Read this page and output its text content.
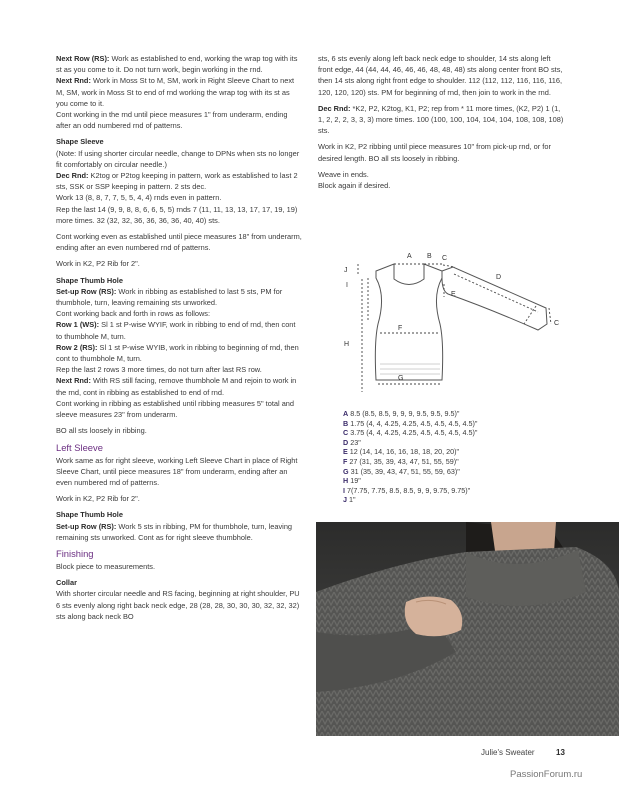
Next Row (RS): Work as established to end, working the wrap tog with its st as you come to it. Do not turn work, begin working in the rnd.

Next Rnd: Work in Moss St to M, SM, work in Right Sleeve Chart to next M, SM, work in Moss St to end of rnd working the wrap tog with its st as you come to it.

Cont working in the rnd until piece measures 1" from underarm, ending after an odd numbered rnd of patterns.

Shape Sleeve

(Note: If using shorter circular needle, change to DPNs when sts no longer fit comfortably on circular needle.)

Dec Rnd: K2tog or P2tog keeping in pattern, work as established to last 2 sts, SSK or SSP keeping in pattern. 2 sts dec.

Work 13 (8, 8, 7, 7, 5, 5, 4, 4) rnds even in pattern.

Rep the last 14 (9, 9, 8, 8, 6, 6, 5, 5) rnds 7 (11, 11, 13, 13, 17, 17, 19, 19) more times. 32 (32, 32, 36, 36, 36, 36, 40, 40) sts.

Cont working even as established until piece measures 18" from underarm, ending after an even numbered rnd of patterns.

Work in K2, P2 Rib for 2".

Shape Thumb Hole

Set-up Row (RS): Work in ribbing as established to last 5 sts, PM for thumbhole, turn, leaving remaining sts unworked.

Cont working back and forth in rows as follows:

Row 1 (WS): Sl 1 st P-wise WYIF, work in ribbing to end of rnd, then cont to thumbhole M, turn.

Row 2 (RS): Sl 1 st P-wise WYIB, work in ribbing to beginning of rnd, then cont to thumbhole M, turn.

Rep the last 2 rows 3 more times, do not turn after last RS row.

Next Rnd: With RS still facing, remove thumbhole M and rejoin to work in the rnd, cont in ribbing as established to end of rnd.

Cont working in ribbing as established until ribbing measures 5" total and sleeve measures 23" from underarm.

BO all sts loosely in ribbing.

Left Sleeve

Work same as for right sleeve, working Left Sleeve Chart in place of Right Sleeve Chart, until piece measures 18" from underarm, ending after an even numbered rnd of patterns.

Work in K2, P2 Rib for 2".

Shape Thumb Hole

Set-up Row (RS): Work 5 sts in ribbing, PM for thumbhole, turn, leaving remaining sts unworked. Cont as for right sleeve thumbhole.

Finishing

Block piece to measurements.

Collar

With shorter circular needle and RS facing, beginning at right shoulder, PU 6 sts evenly along right back neck edge, 28 (28, 28, 30, 30, 30, 32, 32, 32) sts along back neck BO

sts, 6 sts evenly along left back neck edge to shoulder, 14 sts along left front edge, 44 (44, 44, 46, 46, 46, 48, 48, 48) sts along center front BO sts, then 14 sts along right front edge to shoulder. 112 (112, 112, 116, 116, 116, 120, 120, 120) sts. PM for beginning of rnd, then join to work in the rnd.

Dec Rnd: *K2, P2, K2tog, K1, P2; rep from * 11 more times, (K2, P2) 1 (1, 1, 2, 2, 2, 3, 3, 3) more times. 100 (100, 100, 104, 104, 104, 108, 108, 108) sts.

Work in K2, P2 ribbing until piece measures 10" from pick-up rnd, or for desired length. BO all sts loosely in ribbing.

Weave in ends.

Block again if desired.

A B C
D
E
F
G
H
I
J
C
A 8.5 (8.5, 8.5, 9, 9, 9, 9.5, 9.5, 9.5)"
B 1.75 (4, 4, 4.25, 4.25, 4.5, 4.5, 4.5, 4.5)"
C 3.75 (4, 4, 4.25, 4.25, 4.5, 4.5, 4.5, 4.5)"
D 23"
E 12 (14, 14, 16, 16, 18, 18, 20, 20)"
F 27 (31, 35, 39, 43, 47, 51, 55, 59)"
G 31 (35, 39, 43, 47, 51, 55, 59, 63)"
H 19"
I 7(7.75, 7.75, 8.5, 8.5, 9, 9, 9.75, 9.75)"
J 1"
Julie's Sweater	13
PassionForum.ru
